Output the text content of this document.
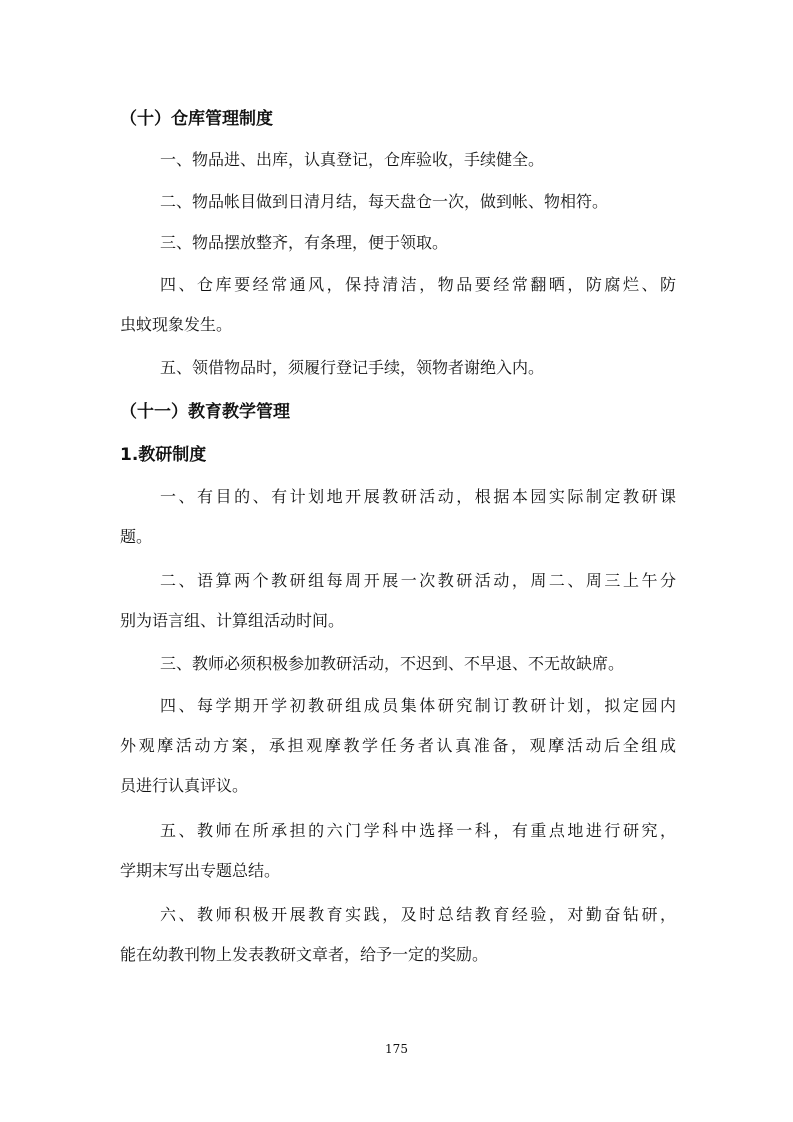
（十）仓库管理制度
一、物品进、出库，认真登记，仓库验收，手续健全。
二、物品帐目做到日清月结，每天盘仓一次，做到帐、物相符。
三、物品摆放整齐，有条理，便于领取。
四、仓库要经常通风，保持清洁，物品要经常翻晒，防腐烂、防
虫蚊现象发生。
五、领借物品时，须履行登记手续，领物者谢绝入内。
（十一）教育教学管理
1.教研制度
一、有目的、有计划地开展教研活动，根据本园实际制定教研课
题。
二、语算两个教研组每周开展一次教研活动，周二、周三上午分
别为语言组、计算组活动时间。
三、教师必须积极参加教研活动，不迟到、不早退、不无故缺席。
四、每学期开学初教研组成员集体研究制订教研计划，拟定园内
外观摩活动方案，承担观摩教学任务者认真准备，观摩活动后全组成
员进行认真评议。
五、教师在所承担的六门学科中选择一科，有重点地进行研究，
学期末写出专题总结。
六、教师积极开展教育实践，及时总结教育经验，对勤奋钻研，
能在幼教刊物上发表教研文章者，给予一定的奖励。
175
